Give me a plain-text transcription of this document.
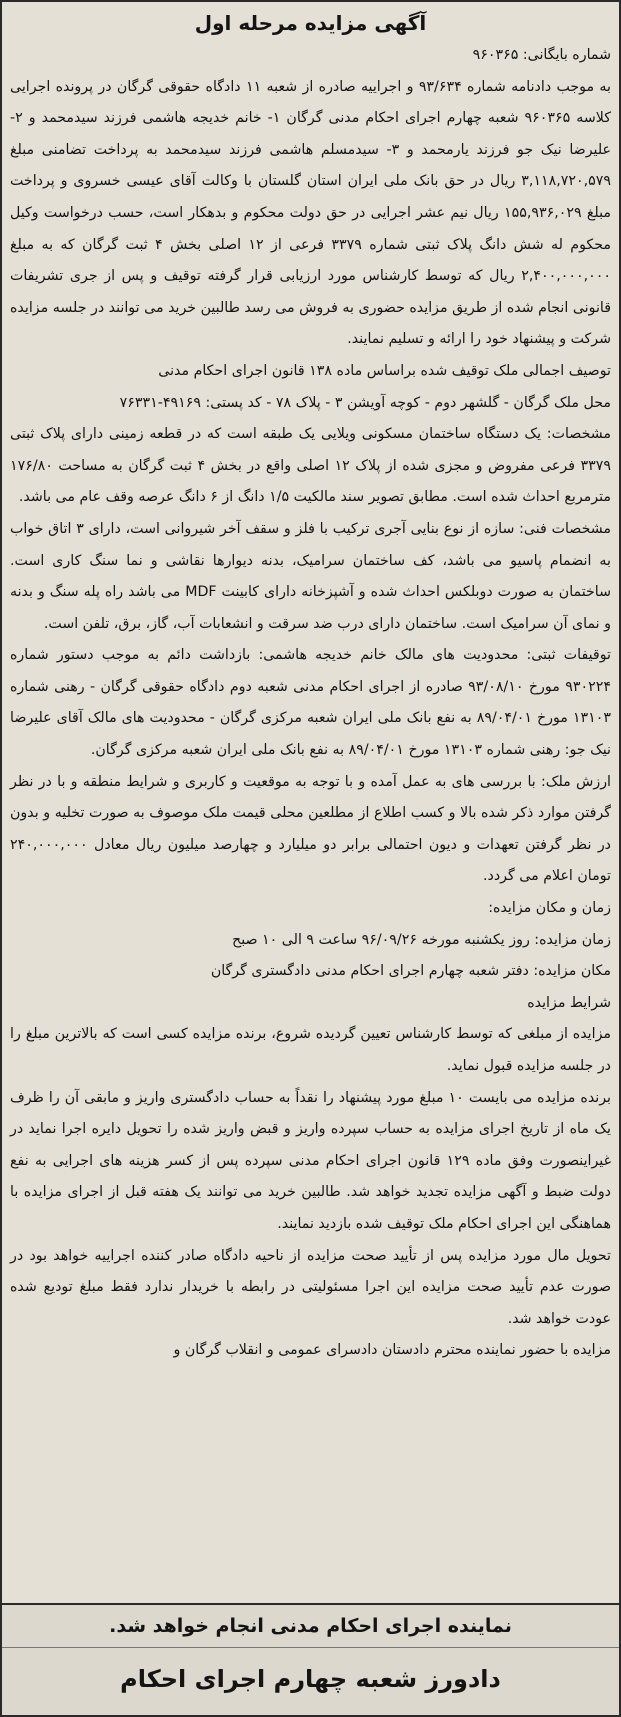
آگهی مزایده مرحله اول

شماره بایگانی: ۹۶۰۳۶۵

به موجب دادنامه شماره ۹۳/۶۳۴ و اجراییه صادره از شعبه ۱۱ دادگاه حقوقی گرگان در پرونده اجرایی کلاسه ۹۶۰۳۶۵ شعبه چهارم اجرای احکام مدنی گرگان ۱- خانم خدیجه هاشمی فرزند سیدمحمد و ۲- علیرضا نیک جو فرزند یارمحمد و ۳- سیدمسلم هاشمی فرزند سیدمحمد به پرداخت تضامنی مبلغ ۳,۱۱۸,۷۲۰,۵۷۹ ریال در حق بانک ملی ایران استان گلستان با وکالت آقای عیسی خسروی و پرداخت مبلغ ۱۵۵,۹۳۶,۰۲۹ ریال نیم عشر اجرایی در حق دولت محکوم و بدهکار است، حسب درخواست وکیل محکوم له شش دانگ پلاک ثبتی شماره ۳۳۷۹ فرعی از ۱۲ اصلی بخش ۴ ثبت گرگان که به مبلغ ۲,۴۰۰,۰۰۰,۰۰۰ ریال که توسط کارشناس مورد ارزیابی قرار گرفته توقیف و پس از جری تشریفات قانونی انجام شده از طریق مزایده حضوری به فروش می رسد طالبین خرید می توانند در جلسه مزایده شرکت و پیشنهاد خود را ارائه و تسلیم نمایند.

توصیف اجمالی ملک توقیف شده براساس ماده ۱۳۸ قانون اجرای احکام مدنی

محل ملک گرگان - گلشهر دوم - کوچه آویشن ۳ - پلاک ۷۸ - کد پستی: ۴۹۱۶۹-۷۶۳۳۱

مشخصات: یک دستگاه ساختمان مسکونی ویلایی یک طبقه است که در قطعه زمینی دارای پلاک ثبتی ۳۳۷۹ فرعی مفروض و مجزی شده از پلاک ۱۲ اصلی واقع در بخش ۴ ثبت گرگان به مساحت ۱۷۶/۸۰ مترمربع احداث شده است. مطابق تصویر سند مالکیت ۱/۵ دانگ از ۶ دانگ عرصه وقف عام می باشد.

مشخصات فنی: سازه از نوع بنایی آجری ترکیب با فلز و سقف آخر شیروانی است، دارای ۳ اتاق خواب به انضمام پاسیو می باشد، کف ساختمان سرامیک، بدنه دیوارها نقاشی و نما سنگ کاری است. ساختمان به صورت دوبلکس احداث شده و آشپزخانه دارای کابینت MDF می باشد راه پله سنگ و بدنه و نمای آن سرامیک است. ساختمان دارای درب ضد سرقت و انشعابات آب، گاز، برق، تلفن است.

توقیفات ثبتی: محدودیت های مالک خانم خدیجه هاشمی: بازداشت دائم به موجب دستور شماره ۹۳۰۲۲۴ مورخ ۹۳/۰۸/۱۰ صادره از اجرای احکام مدنی شعبه دوم دادگاه حقوقی گرگان - رهنی شماره ۱۳۱۰۳ مورخ ۸۹/۰۴/۰۱ به نفع بانک ملی ایران شعبه مرکزی گرگان - محدودیت های مالک آقای علیرضا نیک جو: رهنی شماره ۱۳۱۰۳ مورخ ۸۹/۰۴/۰۱ به نفع بانک ملی ایران شعبه مرکزی گرگان.

ارزش ملک: با بررسی های به عمل آمده و با توجه به موقعیت و کاربری و شرایط منطقه و با در نظر گرفتن موارد ذکر شده بالا و کسب اطلاع از مطلعین محلی قیمت ملک موصوف به صورت تخلیه و بدون در نظر گرفتن تعهدات و دیون احتمالی برابر دو میلیارد و چهارصد میلیون ریال معادل ۲۴۰,۰۰۰,۰۰۰ تومان اعلام می گردد.

زمان و مکان مزایده:

زمان مزایده: روز یکشنبه مورخه ۹۶/۰۹/۲۶ ساعت ۹ الی ۱۰ صبح

مکان مزایده: دفتر شعبه چهارم اجرای احکام مدنی دادگستری گرگان

شرایط مزایده

مزایده از مبلغی که توسط کارشناس تعیین گردیده شروع، برنده مزایده کسی است که بالاترین مبلغ را در جلسه مزایده قبول نماید.

برنده مزایده می بایست ۱۰ مبلغ مورد پیشنهاد را نقداً به حساب دادگستری واریز و مابقی آن را ظرف یک ماه از تاریخ اجرای مزایده به حساب سپرده واریز و قبض واریز شده را تحویل دایره اجرا نماید در غیراینصورت وفق ماده ۱۲۹ قانون اجرای احکام مدنی سپرده پس از کسر هزینه های اجرایی به نفع دولت ضبط و آگهی مزایده تجدید خواهد شد. طالبین خرید می توانند یک هفته قبل از اجرای مزایده با هماهنگی این اجرای احکام ملک توقیف شده بازدید نمایند.

تحویل مال مورد مزایده پس از تأیید صحت مزایده از ناحیه دادگاه صادر کننده اجراییه خواهد بود در صورت عدم تأیید صحت مزایده این اجرا مسئولیتی در رابطه با خریدار ندارد فقط مبلغ تودیع شده عودت خواهد شد.

مزایده با حضور نماینده محترم دادستان دادسرای عمومی و انقلاب گرگان و

نماینده اجرای احکام مدنی انجام خواهد شد.
دادورز شعبه چهارم اجرای احکام
